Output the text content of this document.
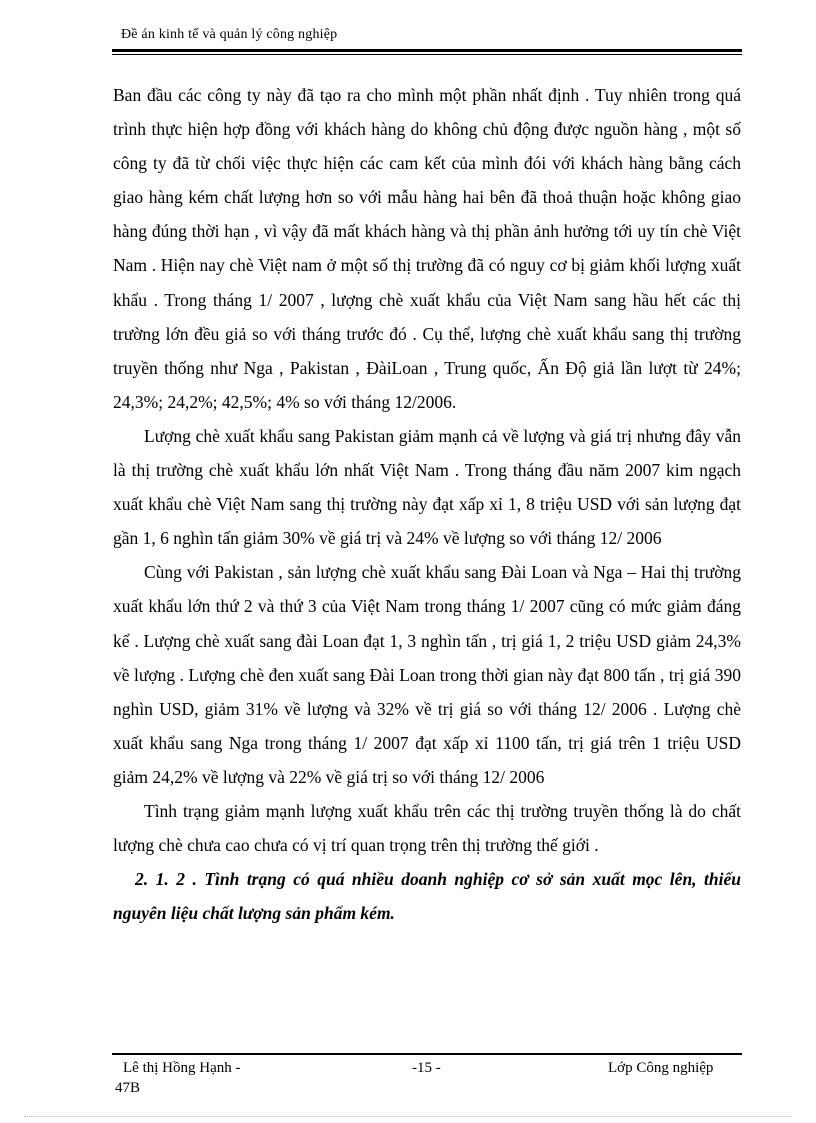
Đề án kinh tế và quản lý công nghiệp

Ban đầu các công ty này đã tạo ra cho mình một phần nhất định . Tuy nhiên trong quá trình thực hiện hợp đồng với khách hàng do không chủ động được nguồn hàng , một số công ty đã từ chối việc thực hiện các cam kết của mình đói với khách hàng bằng cách giao hàng kém chất lượng hơn so với mẫu hàng hai bên đã thoả thuận hoặc không giao hàng đúng thời hạn , vì vậy đã mất khách hàng và thị phần ảnh hưởng tới uy tín chè Việt Nam . Hiện nay chè Việt nam ở một số thị trường đã có nguy cơ bị giảm khối lượng xuất khẩu . Trong tháng 1/ 2007 , lượng chè xuất khẩu của Việt Nam sang hầu hết các thị trường lớn đều giả so với tháng trước đó . Cụ thể, lượng chè xuất khẩu sang thị trường truyền thống như Nga , Pakistan , ĐàiLoan , Trung quốc, Ấn Độ giả lần lượt từ 24%; 24,3%; 24,2%; 42,5%; 4% so với tháng 12/2006.

Lượng chè xuất khẩu sang Pakistan giảm mạnh cả về lượng và giá trị nhưng đây vẫn là thị trường chè xuất khẩu lớn nhất Việt Nam . Trong tháng đầu năm 2007 kim ngạch xuất khẩu chè Việt Nam sang thị trường này đạt xấp xỉ 1, 8 triệu USD với sản lượng đạt gần 1, 6 nghìn tấn giảm 30% về giá trị và 24% về lượng so với tháng 12/ 2006

Cùng với Pakistan , sản lượng chè xuất khẩu sang Đài Loan và Nga – Hai thị trường xuất khẩu lớn thứ 2 và thứ 3 của Việt Nam trong tháng 1/ 2007 cũng có mức giảm đáng kể . Lượng chè xuất sang đài Loan đạt 1, 3 nghìn tấn , trị giá 1, 2 triệu USD giảm 24,3% về lượng . Lượng chè đen xuất sang Đài Loan trong thời gian này đạt 800 tấn , trị giá 390 nghìn USD, giảm 31% về lượng và 32% về trị giá so với tháng 12/ 2006 . Lượng chè xuất khẩu sang Nga trong tháng 1/ 2007 đạt xấp xỉ 1100 tấn, trị giá trên 1 triệu USD giảm 24,2% về lượng và 22% về giá trị so với tháng 12/ 2006

Tình trạng giảm mạnh lượng xuất khẩu trên các thị trường truyền thống là do chất lượng chè chưa cao chưa có vị trí quan trọng trên thị trường thế giới .

2. 1. 2 . Tình trạng có quá nhiều doanh nghiệp cơ sở sản xuất mọc lên, thiếu nguyên liệu chất lượng sản phẩm kém.

Lê thị Hồng Hạnh -
47B
-15 -	Lớp Công nghiệp
